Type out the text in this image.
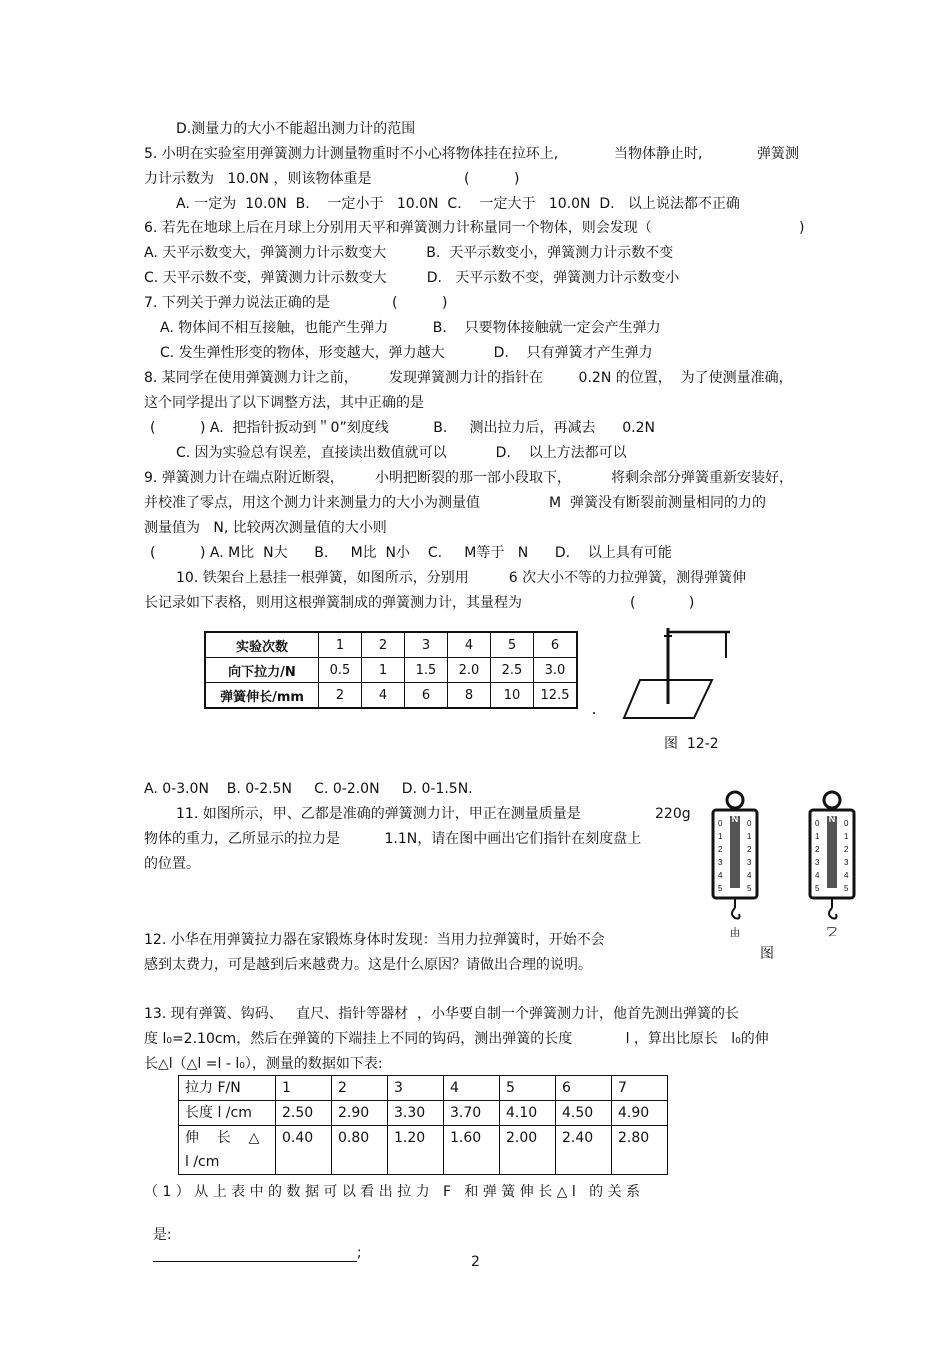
D.测量力的大小不能超出测力计的范围
5. 小明在实验室用弹簧测力计测量物重时不小心将物体挂在拉环上,	当物体静止时,	弹簧测
力计示数为   10.0N ，则该物体重是	(          )
A. 一定为  10.0N  B.    一定小于   10.0N  C.    一定大于   10.0N  D.   以上说法都不正确
6. 若先在地球上后在月球上分别用天平和弹簧测力计称量同一个物体，则会发现（	)
A. 天平示数变大，弹簧测力计示数变大         B.  天平示数变小，弹簧测力计示数不变
C. 天平示数不变，弹簧测力计示数变大         D.   天平示数不变，弹簧测力计示数变小
7. 下列关于弹力说法正确的是	(          )
A. 物体间不相互接触，也能产生弹力          B.    只要物体接触就一定会产生弹力
C. 发生弹性形变的物体，形变越大，弹力越大           D.    只有弹簧才产生弹力
8. 某同学在使用弹簧测力计之前，       发现弹簧测力计的指针在        0.2N 的位置，  为了使测量准确，
这个同学提出了以下调整方法，其中正确的是
(          ) A.  把指针扳动到＂0”刻度线          B.     测出拉力后，再减去      0.2N
C. 因为实验总有误差，直接读出数值就可以           D.    以上方法都可以
9. 弹簧测力计在端点附近断裂，       小明把断裂的那一部小段取下，         将剩余部分弹簧重新安装好，
并校准了零点，用这个测力计来测量力的大小为测量值	M  弹簧没有断裂前测量相同的力的
测量值为   N, 比较两次测量值的大小则
(          ) A. M比  N大      B.     M比  N小    C.     M等于   N      D.    以上具有可能
10. 铁架台上悬挂一根弹簧，如图所示，分别用         6 次大小不等的力拉弹簧，测得弹簧伸
长记录如下表格，则用这根弹簧制成的弹簧测力计，其量程为	(            )
实验次数	1	2	3	4	5	6
向下拉力/N	0.5	1	1.5	2.0	2.5	3.0
弹簧伸长/mm	2	4	6	8	10	12.5
图  12-2
A. 0-3.0N    B. 0-2.5N     C. 0-2.0N     D. 0-1.5N.
11. 如图所示，甲、乙都是准确的弹簧测力计，甲正在测量质量是	220g
物体的重力，乙所显示的拉力是          1.1N，请在图中画出它们指针在刻度盘上
的位置。
N
0
1
2
3
4
5
0
1
2
3
4
5
甲
N
0
1
2
3
4
5
0
1
2
3
4
5
乙
图
12. 小华在用弹簧拉力器在家锻炼身体时发现：当用力拉弹簧时，开始不会
感到太费力，可是越到后来越费力。这是什么原因？请做出合理的说明。
13. 现有弹簧、钩码、   直尺、指针等器材  ，小华要自制一个弹簧测力计，他首先测出弹簧的长
度 l₀=2.10cm，然后在弹簧的下端挂上不同的钩码，测出弹簧的长度            l ，算出比原长   l₀的伸
长△l（△l =l - l₀），测量的数据如下表:
拉力 F/N	1	2	3	4	5	6	7
长度 l /cm	2.50	2.90	3.30	3.70	4.10	4.50	4.90
伸    长    △
l /cm	0.40	0.80	1.20	1.60	2.00	2.40	2.80
（ 1 ） 从 上 表 中 的 数 据 可 以 看 出 拉 力   F   和 弹 簧 伸 长 △ l   的 关 系

是:
;

2
